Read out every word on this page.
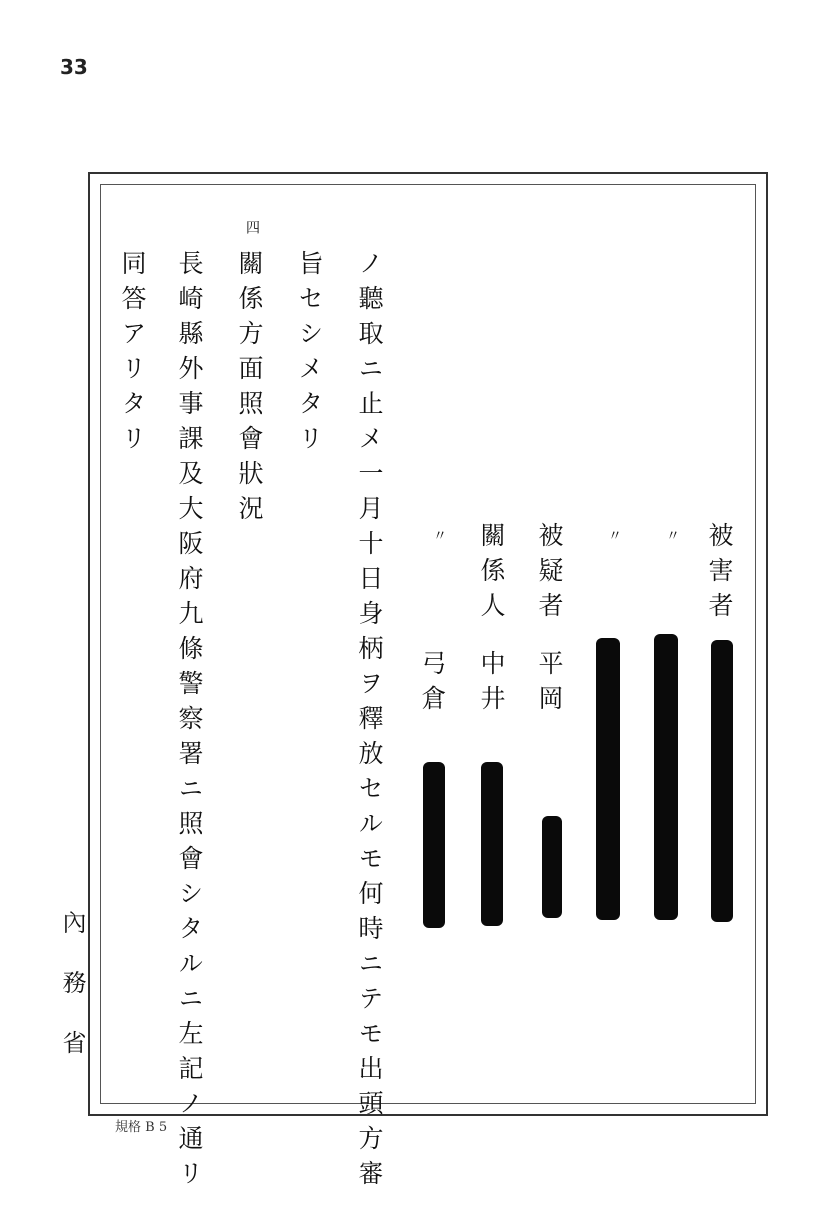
33
ノ聽取ニ止メ一月十日身柄ヲ釋放セルモ何時ニテモ出頭方審
旨セシメタリ
四
關係方面照會狀況
長崎縣外事課及大阪府九條警察署ニ照會シタルニ左記ノ通リ
同答アリタリ
被害者
〃
〃
被疑者
平岡
關係人
中井
〃
弓倉
內務省
規格 B 5
